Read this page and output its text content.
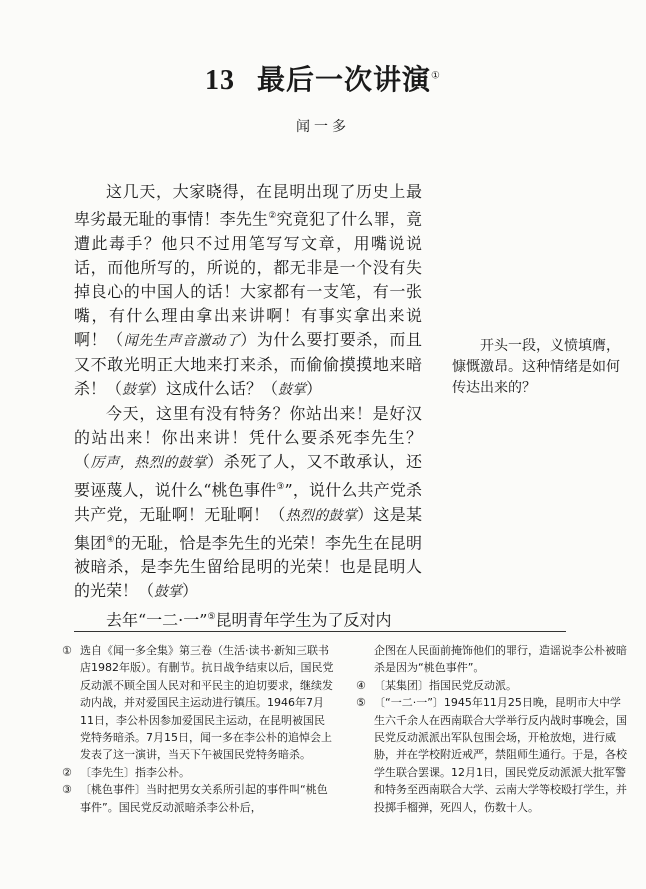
13 最后一次讲演①
闻一多

这几天，大家晓得，在昆明出现了历史上最卑劣最无耻的事情！李先生②究竟犯了什么罪，竟遭此毒手？他只不过用笔写写文章，用嘴说说话，而他所写的，所说的，都无非是一个没有失掉良心的中国人的话！大家都有一支笔，有一张嘴，有什么理由拿出来讲啊！有事实拿出来说啊！（闻先生声音激动了）为什么要打要杀，而且又不敢光明正大地来打来杀，而偷偷摸摸地来暗杀！（鼓掌）这成什么话？（鼓掌）

今天，这里有没有特务？你站出来！是好汉的站出来！你出来讲！凭什么要杀死李先生？（厉声，热烈的鼓掌）杀死了人，又不敢承认，还要诬蔑人，说什么“桃色事件③”，说什么共产党杀共产党，无耻啊！无耻啊！（热烈的鼓掌）这是某集团④的无耻，恰是李先生的光荣！李先生在昆明被暗杀，是李先生留给昆明的光荣！也是昆明人的光荣！（鼓掌）

去年“一二·一”⑤昆明青年学生为了反对内

开头一段，义愤填膺，慷慨激昂。这种情绪是如何传达出来的？
① 选自《闻一多全集》第三卷（生活·读书·新知三联书店1982年版）。有删节。抗日战争结束以后，国民党反动派不顾全国人民对和平民主的迫切要求，继续发动内战，并对爱国民主运动进行镇压。1946年7月11日，李公朴因参加爱国民主运动，在昆明被国民党特务暗杀。7月15日，闻一多在李公朴的追悼会上发表了这一演讲，当天下午被国民党特务暗杀。
② 〔李先生〕指李公朴。
③ 〔桃色事件〕当时把男女关系所引起的事件叫“桃色事件”。国民党反动派暗杀李公朴后，
企图在人民面前掩饰他们的罪行，造谣说李公朴被暗杀是因为“桃色事件”。
④ 〔某集团〕指国民党反动派。
⑤ 〔“一二·一”〕1945年11月25日晚，昆明市大中学生六千余人在西南联合大学举行反内战时事晚会，国民党反动派派出军队包围会场，开枪放炮，进行威胁，并在学校附近戒严，禁阻师生通行。于是，各校学生联合罢课。12月1日，国民党反动派派大批军警和特务至西南联合大学、云南大学等校殴打学生，并投掷手榴弹，死四人，伤数十人。
